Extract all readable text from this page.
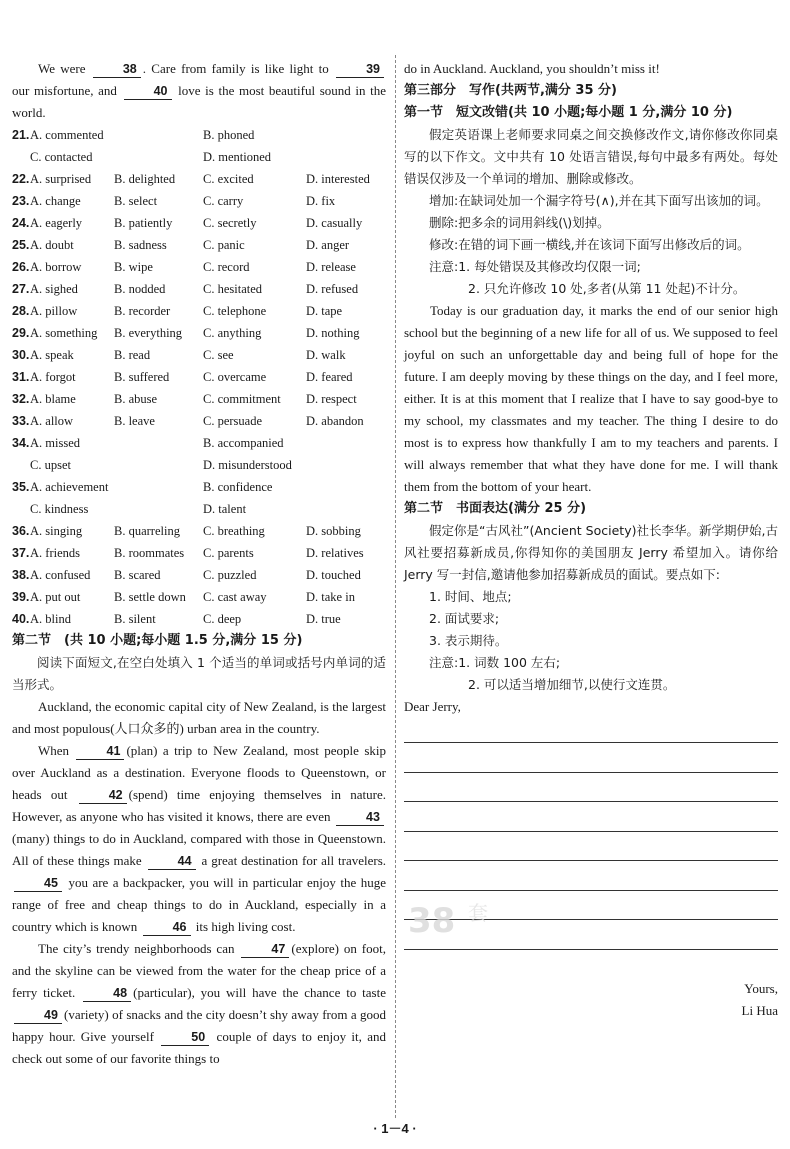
We were	38 . Care from family is like light to	39 our misfortune, and	40 love is the most beautiful sound in the world.

21. A. commented	B. phoned
C. contacted	D. mentioned
22. A. surprised B. delighted C. excited	D. interested
23. A. change	B. select	C. carry	D. fix
24. A. eagerly	B. patiently C. secretly	D. casually
25. A. doubt	B. sadness	C. panic	D. anger
26. A. borrow	B. wipe	C. record	D. release
27. A. sighed	B. nodded	C. hesitated	D. refused
28. A. pillow	B. recorder	C. telephone	D. tape
29. A. something B. everything C. anything	D. nothing
30. A. speak	B. read	C. see	D. walk
31. A. forgot	B. suffered	C. overcame	D. feared
32. A. blame	B. abuse	C. commitment D. respect
33. A. allow	B. leave	C. persuade	D. abandon
34. A. missed	B. accompanied
C. upset	D. misunderstood
35. A. achievement	B. confidence
C. kindness	D. talent
36. A. singing	B. quarreling C. breathing	D. sobbing
37. A. friends	B. roommates C. parents	D. relatives
38. A. confused B. scared	C. puzzled	D. touched
39. A. put out	B. settle down C. cast away	D. take in
40. A. blind	B. silent	C. deep	D. true
第二节　(共 10 小题;每小题 1.5 分,满分 15 分)

阅读下面短文,在空白处填入 1 个适当的单词或括号内单词的适当形式。

Auckland, the economic capital city of New Zealand, is the largest and most populous(人口众多的) urban area in the country.

When	41 (plan) a trip to New Zealand, most people skip over Auckland as a destination. Everyone floods to Queenstown, or heads out	42 (spend) time enjoying themselves in nature. However, as anyone who has visited it knows, there are even	43(many) things to do in Auckland, compared with those in Queenstown. All of these things make	44 a great destination for all travelers. 45 you are a backpacker, you will in particular enjoy the huge range of free and cheap things to do in Auckland, especially in a country which is known	46 its high living cost.

The city’s trendy neighborhoods can	47 (explore) on foot, and the skyline can be viewed from the water for the cheap price of a ferry ticket.	48 (particular), you will have the chance to taste 49 (variety) of snacks and the city doesn’t shy away from a good happy hour. Give yourself	50 couple of days to enjoy it, and check out some of our favorite things to

do in Auckland. Auckland, you shouldn’t miss it!

第三部分　写作(共两节,满分 35 分)
第一节　短文改错(共 10 小题;每小题 1 分,满分 10 分)

假定英语课上老师要求同桌之间交换修改作文,请你修改你同桌写的以下作文。文中共有 10 处语言错误,每句中最多有两处。每处错误仅涉及一个单词的增加、删除或修改。

增加:在缺词处加一个漏字符号(∧),并在其下面写出该加的词。

删除:把多余的词用斜线(\)划掉。

修改:在错的词下画一横线,并在该词下面写出修改后的词。

注意:1. 每处错误及其修改均仅限一词;

2. 只允许修改 10 处,多者(从第 11 处起)不计分。

Today is our graduation day, it marks the end of our senior high school but the beginning of a new life for all of us. We supposed to feel joyful on such an unforgettable day and being full of hope for the future. I am deeply moving by these things on the day, and I feel more, either. It is at this moment that I realize that I have to say good-bye to my school, my classmates and my teacher. The thing I desire to do most is to express how thankfully I am to my teachers and parents. I will always remember that what they have done for me. I will thank them from the bottom of your heart.

第二节　书面表达(满分 25 分)

假定你是“古风社”(Ancient Society)社长李华。新学期伊始,古风社要招募新成员,你得知你的美国朋友 Jerry 希望加入。请你给 Jerry 写一封信,邀请他参加招募新成员的面试。要点如下:

1. 时间、地点;

2. 面试要求;

3. 表示期待。

注意:1. 词数 100 左右;

2. 可以适当增加细节,以使行文连贯。

Dear Jerry,

Yours,

Li Hua

38 套
· 1－4 ·
